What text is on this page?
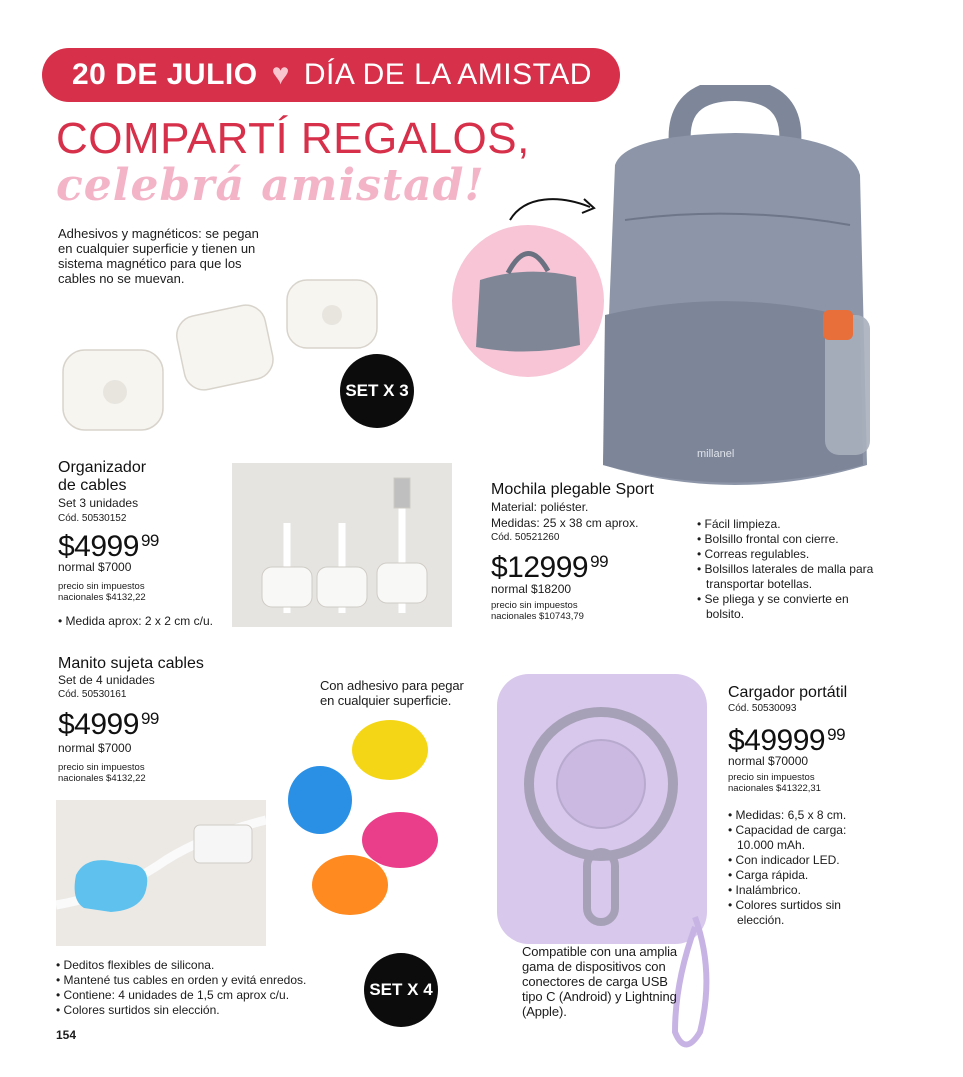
20 DE JULIO ♥ DÍA DE LA AMISTAD
COMPARTÍ REGALOS,
celebrá amistad!
Adhesivos y magnéticos: se pegan en cualquier superficie y tienen un sistema magnético para que los cables no se muevan.
SET X 3
Organizador
de cables
Set 3 unidades
Cód. 50530152
$4999 $^{99}$
normal $7000
precio sin impuestos
nacionales $4132,22
• Medida aprox: 2 x 2 cm c/u.
millanel
Mochila plegable Sport
Material: poliéster.
Medidas: 25 x 38 cm aprox.
Cód. 50521260
$12999 $^{99}$
normal $18200
precio sin impuestos
nacionales $10743,79
• Fácil limpieza.
• Bolsillo frontal con cierre.
• Correas regulables.
• Bolsillos laterales de malla para transportar botellas.
• Se pliega y se convierte en bolsito.
Manito sujeta cables
Set de 4 unidades
Cód. 50530161
$4999 $^{99}$
normal $7000
precio sin impuestos
nacionales $4132,22
Con adhesivo para pegar en cualquier superficie.
SET X 4
• Deditos flexibles de silicona.
• Mantené tus cables en orden y evitá enredos.
• Contiene: 4 unidades de 1,5 cm aprox c/u.
• Colores surtidos sin elección.
Cargador portátil
Cód. 50530093
$49999 $^{99}$
normal $70000
precio sin impuestos
nacionales $41322,31
• Medidas: 6,5 x 8 cm.
• Capacidad de carga: 10.000 mAh.
• Con indicador LED.
• Carga rápida.
• Inalámbrico.
• Colores surtidos sin elección.
Compatible con una amplia gama de dispositivos con conectores de carga USB tipo C (Android) y Lightning (Apple).
154
